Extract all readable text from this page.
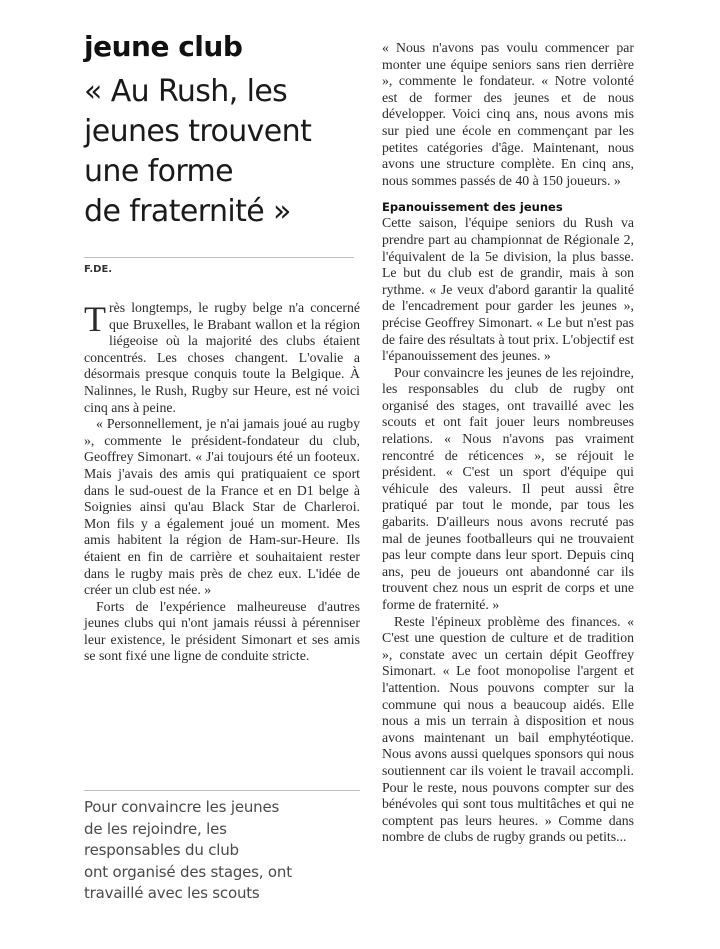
jeune club
« Au Rush, les
jeunes trouvent
une forme
de fraternité »
F.DE.

Très longtemps, le rugby belge n'a concerné que Bruxelles, le Brabant wallon et la région liégeoise où la majorité des clubs étaient concentrés. Les choses changent. L'ovalie a désormais presque conquis toute la Belgique. À Nalinnes, le Rush, Rugby sur Heure, est né voici cinq ans à peine.

« Personnellement, je n'ai jamais joué au rugby », commente le président-fondateur du club, Geoffrey Simonart. « J'ai toujours été un footeux. Mais j'avais des amis qui pratiquaient ce sport dans le sud-ouest de la France et en D1 belge à Soignies ainsi qu'au Black Star de Charleroi. Mon fils y a également joué un moment. Mes amis habitent la région de Ham-sur-Heure. Ils étaient en fin de carrière et souhaitaient rester dans le rugby mais près de chez eux. L'idée de créer un club est née. »

Forts de l'expérience malheureuse d'autres jeunes clubs qui n'ont jamais réussi à pérenniser leur existence, le président Simonart et ses amis se sont fixé une ligne de conduite stricte.

Pour convaincre les jeunes
de les rejoindre, les
responsables du club
ont organisé des stages, ont
travaillé avec les scouts

« Nous n'avons pas voulu commencer par monter une équipe seniors sans rien derrière », commente le fondateur. « Notre volonté est de former des jeunes et de nous développer. Voici cinq ans, nous avons mis sur pied une école en commençant par les petites catégories d'âge. Maintenant, nous avons une structure complète. En cinq ans, nous sommes passés de 40 à 150 joueurs. »

Epanouissement des jeunes

Cette saison, l'équipe seniors du Rush va prendre part au championnat de Régionale 2, l'équivalent de la 5e division, la plus basse. Le but du club est de grandir, mais à son rythme. « Je veux d'abord garantir la qualité de l'encadrement pour garder les jeunes », précise Geoffrey Simonart. « Le but n'est pas de faire des résultats à tout prix. L'objectif est l'épanouissement des jeunes. »

Pour convaincre les jeunes de les rejoindre, les responsables du club de rugby ont organisé des stages, ont travaillé avec les scouts et ont fait jouer leurs nombreuses relations. « Nous n'avons pas vraiment rencontré de réticences », se réjouit le président. « C'est un sport d'équipe qui véhicule des valeurs. Il peut aussi être pratiqué par tout le monde, par tous les gabarits. D'ailleurs nous avons recruté pas mal de jeunes footballeurs qui ne trouvaient pas leur compte dans leur sport. Depuis cinq ans, peu de joueurs ont abandonné car ils trouvent chez nous un esprit de corps et une forme de fraternité. »

Reste l'épineux problème des finances. « C'est une question de culture et de tradition », constate avec un certain dépit Geoffrey Simonart. « Le foot monopolise l'argent et l'attention. Nous pouvons compter sur la commune qui nous a beaucoup aidés. Elle nous a mis un terrain à disposition et nous avons maintenant un bail emphytéotique. Nous avons aussi quelques sponsors qui nous soutiennent car ils voient le travail accompli. Pour le reste, nous pouvons compter sur des bénévoles qui sont tous multitâches et qui ne comptent pas leurs heures. » Comme dans nombre de clubs de rugby grands ou petits...
